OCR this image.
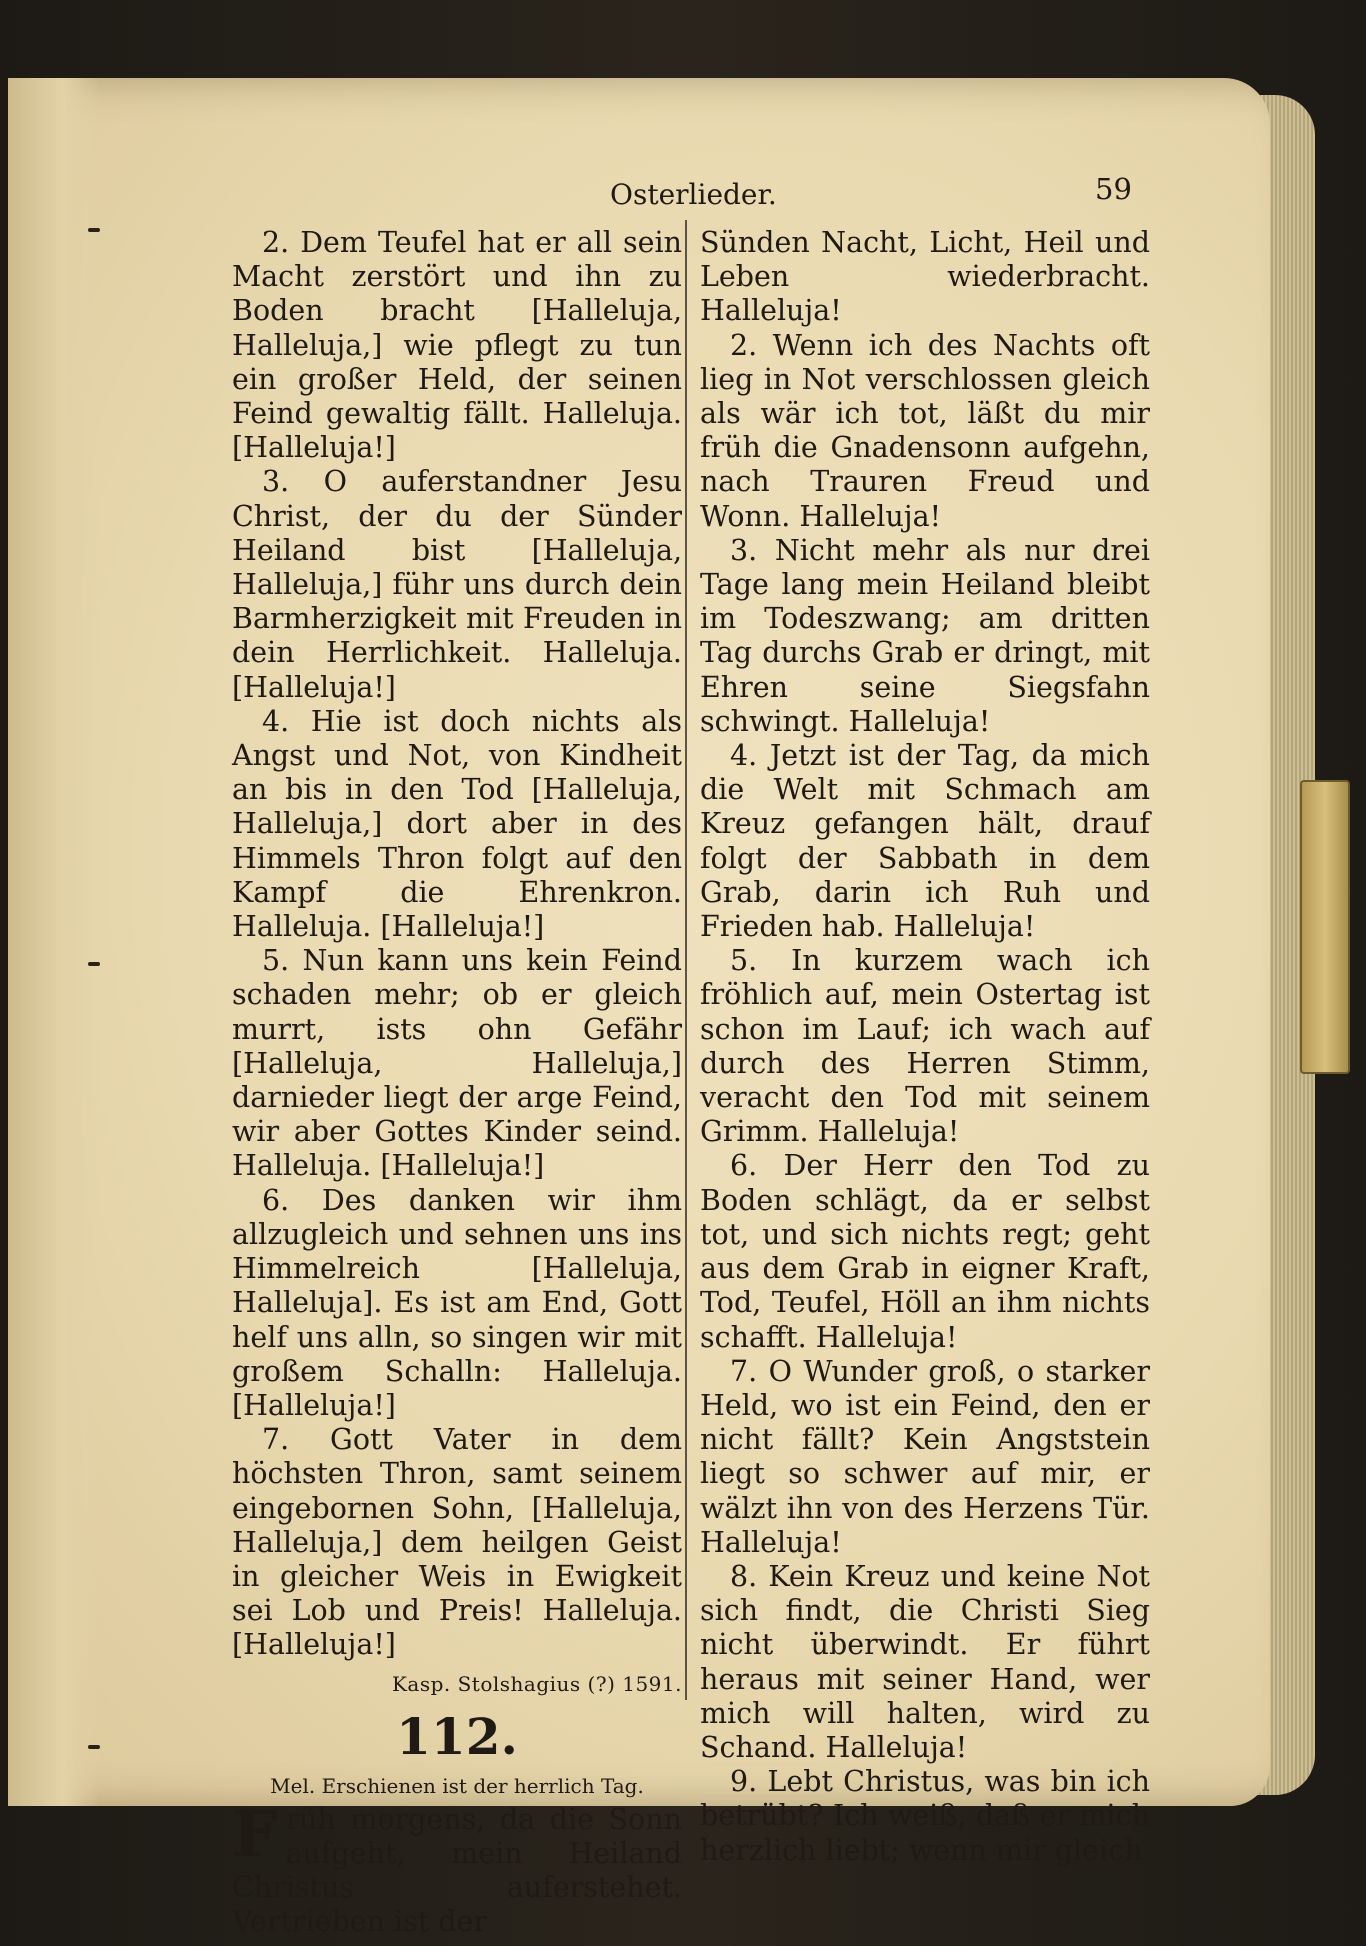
Osterlieder.	59

2. Dem Teufel hat er all sein Macht zerstört und ihn zu Boden bracht [Halleluja, Halleluja,] wie pflegt zu tun ein großer Held, der seinen Feind gewaltig fällt. Halleluja. [Halleluja!]

3. O auferstandner Jesu Christ, der du der Sünder Heiland bist [Halleluja, Halleluja,] führ uns durch dein Barmherzigkeit mit Freuden in dein Herrlichkeit. Halleluja. [Halleluja!]

4. Hie ist doch nichts als Angst und Not, von Kindheit an bis in den Tod [Halleluja, Halleluja,] dort aber in des Himmels Thron folgt auf den Kampf die Ehrenkron. Halleluja. [Halleluja!]

5. Nun kann uns kein Feind schaden mehr; ob er gleich murrt, ists ohn Gefähr [Halleluja, Halleluja,] darnieder liegt der arge Feind, wir aber Gottes Kinder seind. Halleluja. [Halleluja!]

6. Des danken wir ihm allzugleich und sehnen uns ins Himmelreich [Halleluja, Halleluja]. Es ist am End, Gott helf uns alln, so singen wir mit großem Schalln: Halleluja. [Halleluja!]

7. Gott Vater in dem höchsten Thron, samt seinem eingebornen Sohn, [Halleluja, Halleluja,] dem heilgen Geist in gleicher Weis in Ewigkeit sei Lob und Preis! Halleluja. [Halleluja!]

Kasp. Stolshagius (?) 1591.
112.
Mel. Erschienen ist der herrlich Tag.

Früh morgens, da die Sonn aufgeht, mein Heiland Christus auferstehet. Vertrieben ist der

Sünden Nacht, Licht, Heil und Leben wiederbracht. Halleluja!

2. Wenn ich des Nachts oft lieg in Not verschlossen gleich als wär ich tot, läßt du mir früh die Gnadensonn aufgehn, nach Trauren Freud und Wonn. Halleluja!

3. Nicht mehr als nur drei Tage lang mein Heiland bleibt im Todeszwang; am dritten Tag durchs Grab er dringt, mit Ehren seine Siegsfahn schwingt. Halleluja!

4. Jetzt ist der Tag, da mich die Welt mit Schmach am Kreuz gefangen hält, drauf folgt der Sabbath in dem Grab, darin ich Ruh und Frieden hab. Halleluja!

5. In kurzem wach ich fröhlich auf, mein Ostertag ist schon im Lauf; ich wach auf durch des Herren Stimm, veracht den Tod mit seinem Grimm. Halleluja!

6. Der Herr den Tod zu Boden schlägt, da er selbst tot, und sich nichts regt; geht aus dem Grab in eigner Kraft, Tod, Teufel, Höll an ihm nichts schafft. Halleluja!

7. O Wunder groß, o starker Held, wo ist ein Feind, den er nicht fällt? Kein Angststein liegt so schwer auf mir, er wälzt ihn von des Herzens Tür. Halleluja!

8. Kein Kreuz und keine Not sich findt, die Christi Sieg nicht überwindt. Er führt heraus mit seiner Hand, wer mich will halten, wird zu Schand. Halleluja!

9. Lebt Christus, was bin ich betrübt? Ich weiß, daß er mich herzlich liebt; wenn mir gleich
